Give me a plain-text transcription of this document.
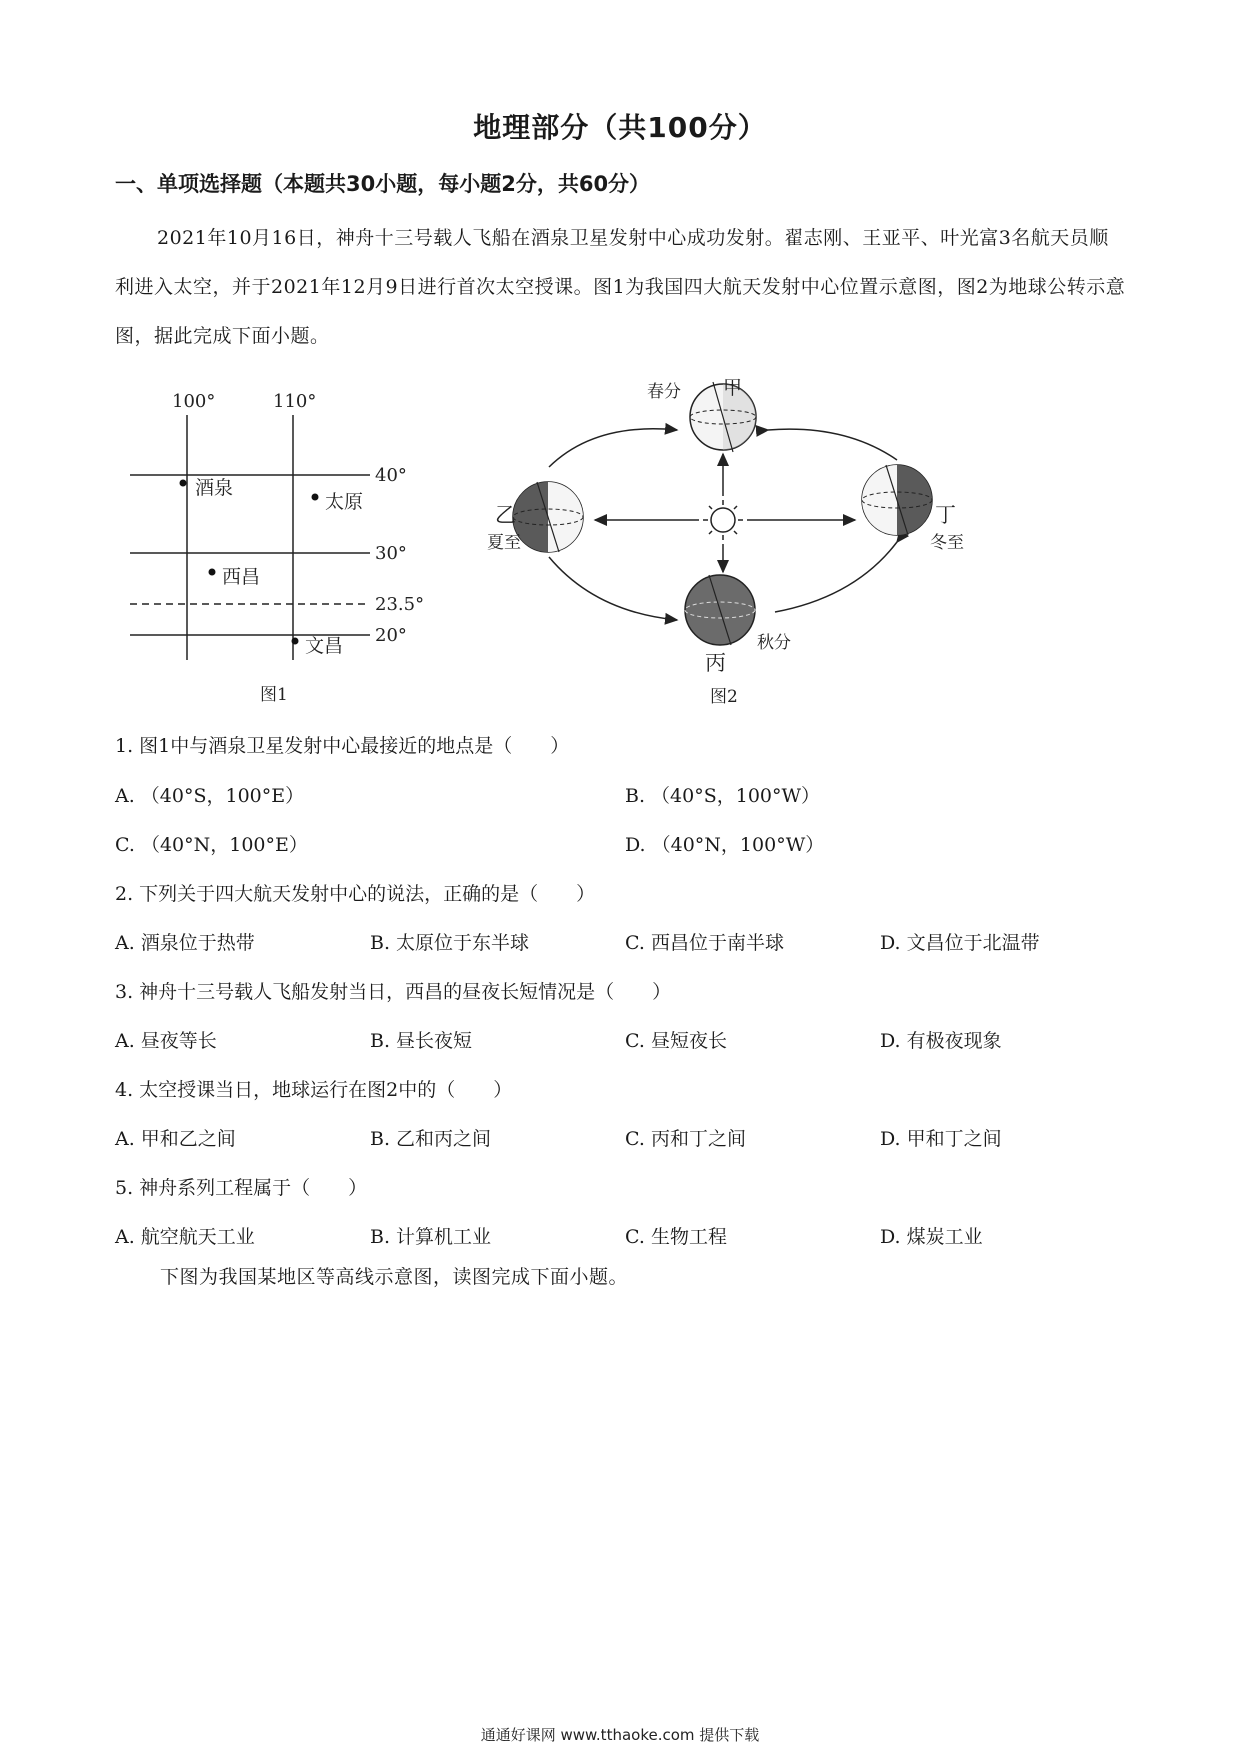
地理部分（共100分）
一、单项选择题（本题共30小题，每小题2分，共60分）

2021年10月16日，神舟十三号载人飞船在酒泉卫星发射中心成功发射。翟志刚、王亚平、叶光富3名航天员顺利进入太空，并于2021年12月9日进行首次太空授课。图1为我国四大航天发射中心位置示意图，图2为地球公转示意图，据此完成下面小题。

100°	110°
40°
30°
23.5°
20°
酒泉
太原
西昌
文昌
图1
春分 甲
乙
夏至
丁
冬至
丙
秋分
图2
1. 图1中与酒泉卫星发射中心最接近的地点是（　　）
A. （40°S，100°E）	B. （40°S，100°W）
C. （40°N，100°E）	D. （40°N，100°W）
2. 下列关于四大航天发射中心的说法，正确的是（　　）
A. 酒泉位于热带	B. 太原位于东半球	C. 西昌位于南半球	D. 文昌位于北温带
3. 神舟十三号载人飞船发射当日，西昌的昼夜长短情况是（　　）
A. 昼夜等长	B. 昼长夜短	C. 昼短夜长	D. 有极夜现象
4. 太空授课当日，地球运行在图2中的（　　）
A. 甲和乙之间	B. 乙和丙之间	C. 丙和丁之间	D. 甲和丁之间
5. 神舟系列工程属于（　　）
A. 航空航天工业	B. 计算机工业	C. 生物工程	D. 煤炭工业
下图为我国某地区等高线示意图，读图完成下面小题。
通通好课网 www.tthaoke.com 提供下载
